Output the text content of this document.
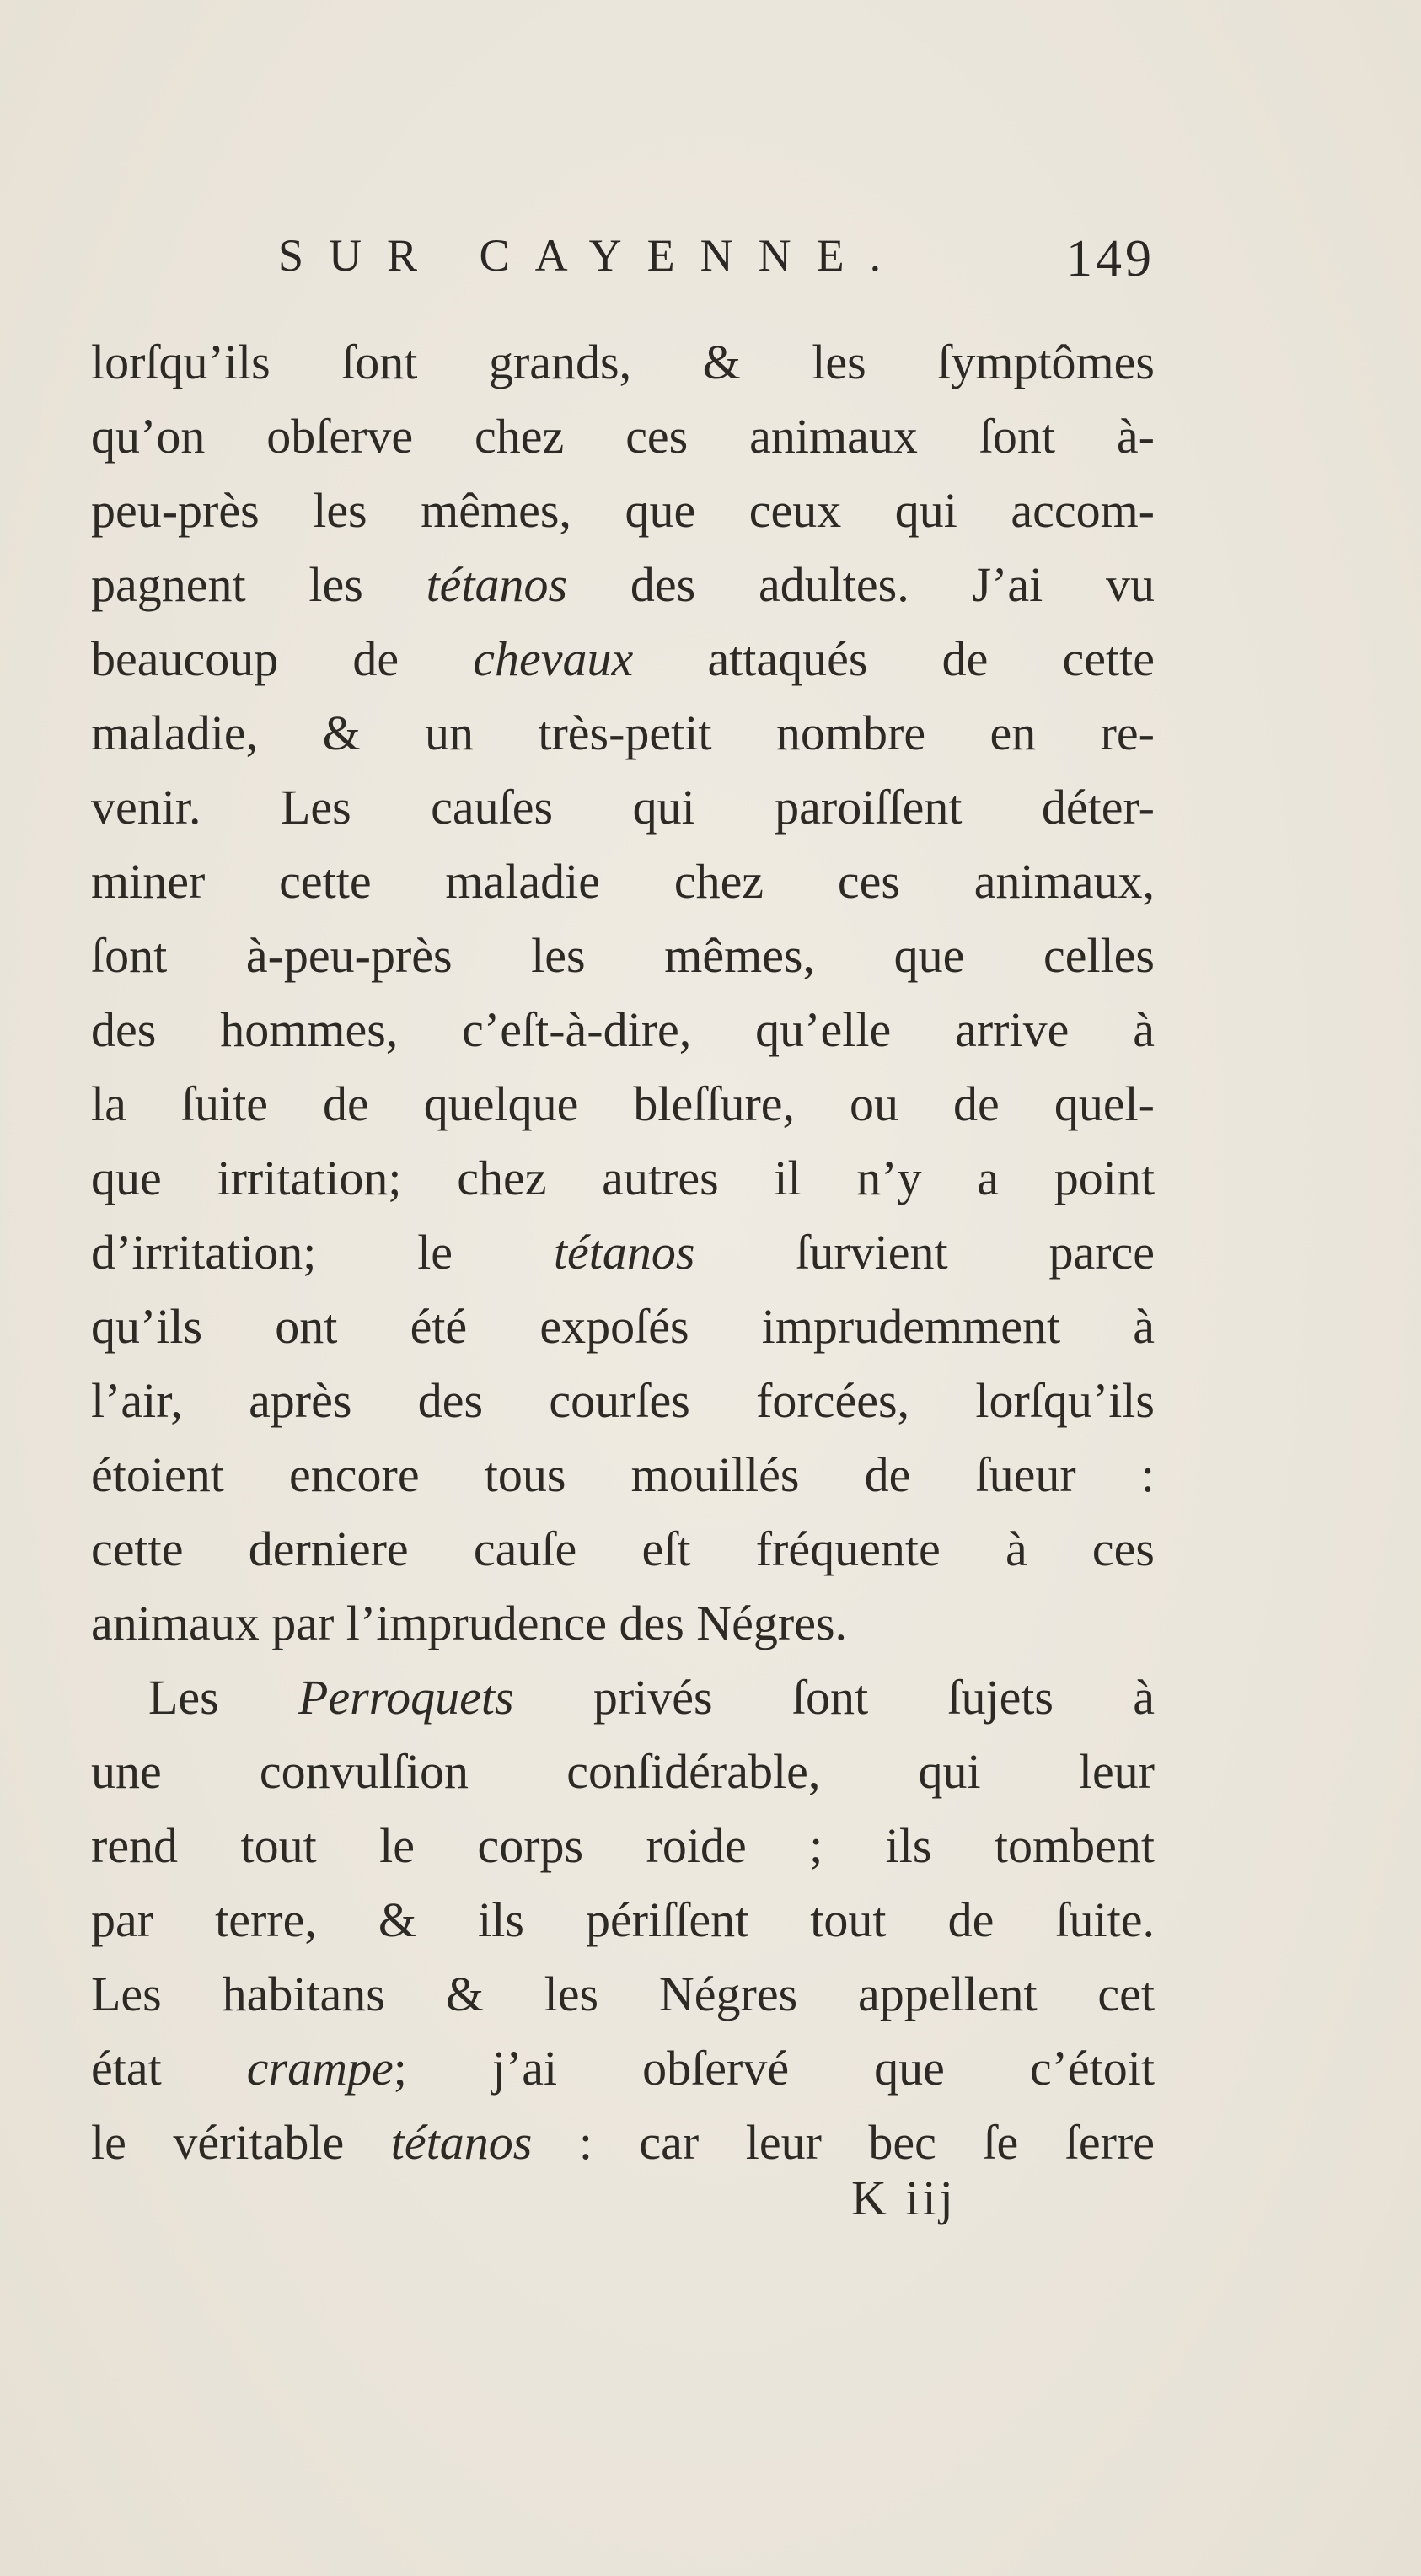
SUR CAYENNE.	149
lorſqu’ils ſont grands, & les ſymptômes
qu’on obſerve chez ces animaux ſont à-
peu-près les mêmes, que ceux qui accom-
pagnent les tétanos des adultes. J’ai vu
beaucoup de chevaux attaqués de cette
maladie, & un très-petit nombre en re-
venir. Les cauſes qui paroiſſent déter-
miner cette maladie chez ces animaux,
ſont à-peu-près les mêmes, que celles
des hommes, c’eſt-à-dire, qu’elle arrive à
la ſuite de quelque bleſſure, ou de quel-
que irritation; chez autres il n’y a point
d’irritation; le tétanos ſurvient parce
qu’ils ont été expoſés imprudemment à
l’air, après des courſes forcées, lorſqu’ils
étoient encore tous mouillés de ſueur :
cette derniere cauſe eſt fréquente à ces
animaux par l’imprudence des Négres.
Les Perroquets privés ſont ſujets à
une convulſion conſidérable, qui leur
rend tout le corps roide ; ils tombent
par terre, & ils périſſent tout de ſuite.
Les habitans & les Négres appellent cet
état crampe; j’ai obſervé que c’étoit
le véritable tétanos : car leur bec ſe ſerre
K iij
